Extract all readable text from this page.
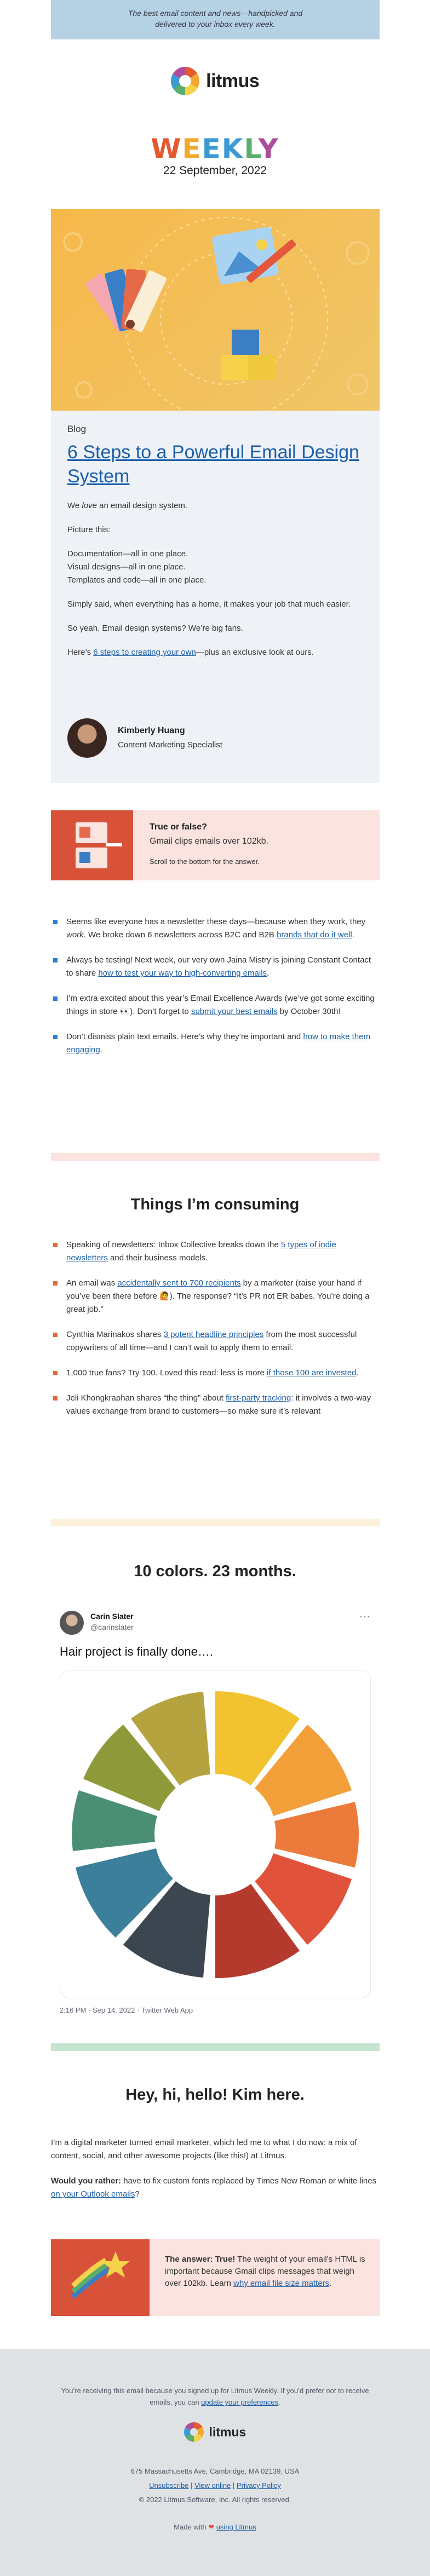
The best email content and news—handpicked and
delivered to your inbox every week.
litmus
WEEKLY
22 September, 2022
Blog
6 Steps to a Powerful Email Design System

We love an email design system.

Picture this:

Documentation—all in one place.
Visual designs—all in one place.
Templates and code—all in one place.

Simply said, when everything has a home, it makes your job that much easier.

So yeah. Email design systems? We’re big fans.

Here’s 6 steps to creating your own—plus an exclusive look at ours.

Kimberly Huang
Content Marketing Specialist
True or false?
Gmail clips emails over 102kb.
Scroll to the bottom for the answer.
Seems like everyone has a newsletter these days—because when they work, they work. We broke down 6 newsletters across B2C and B2B brands that do it well.
Always be testing! Next week, our very own Jaina Mistry is joining Constant Contact to share how to test your way to high-converting emails.
I’m extra excited about this year’s Email Excellence Awards (we’ve got some exciting things in store 👀). Don’t forget to submit your best emails by October 30th!
Don’t dismiss plain text emails. Here’s why they’re important and how to make them engaging.
Things I’m consuming
Speaking of newsletters: Inbox Collective breaks down the 5 types of indie newsletters and their business models.
An email was accidentally sent to 700 recipients by a marketer (raise your hand if you’ve been there before 🙋). The response? “It’s PR not ER babes. You’re doing a great job.”
Cynthia Marinakos shares 3 potent headline principles from the most successful copywriters of all time—and I can’t wait to apply them to email.
1,000 true fans? Try 100. Loved this read: less is more if those 100 are invested.
Jeli Khongkraphan shares “the thing” about first-party tracking: it involves a two-way values exchange from brand to customers—so make sure it’s relevant
10 colors. 23 months.
Carin Slater
@carinslater
···
Hair project is finally done….
2:16 PM · Sep 14, 2022 · Twitter Web App
Hey, hi, hello! Kim here.

I’m a digital marketer turned email marketer, which led me to what I do now: a mix of content, social, and other awesome projects (like this!) at Litmus.

Would you rather: have to fix custom fonts replaced by Times New Roman or white lines on your Outlook emails?

The answer: True! The weight of your email’s HTML is important because Gmail clips messages that weigh over 102kb. Learn why email file size matters.
You’re receiving this email because you signed up for Litmus Weekly. If you’d prefer not to receive emails, you can update your preferences.
litmus
675 Massachusetts Ave, Cambridge, MA 02139, USA
Unsubscribe | View online | Privacy Policy
© 2022 Litmus Software, Inc. All rights reserved.
Made with ❤ using Litmus
